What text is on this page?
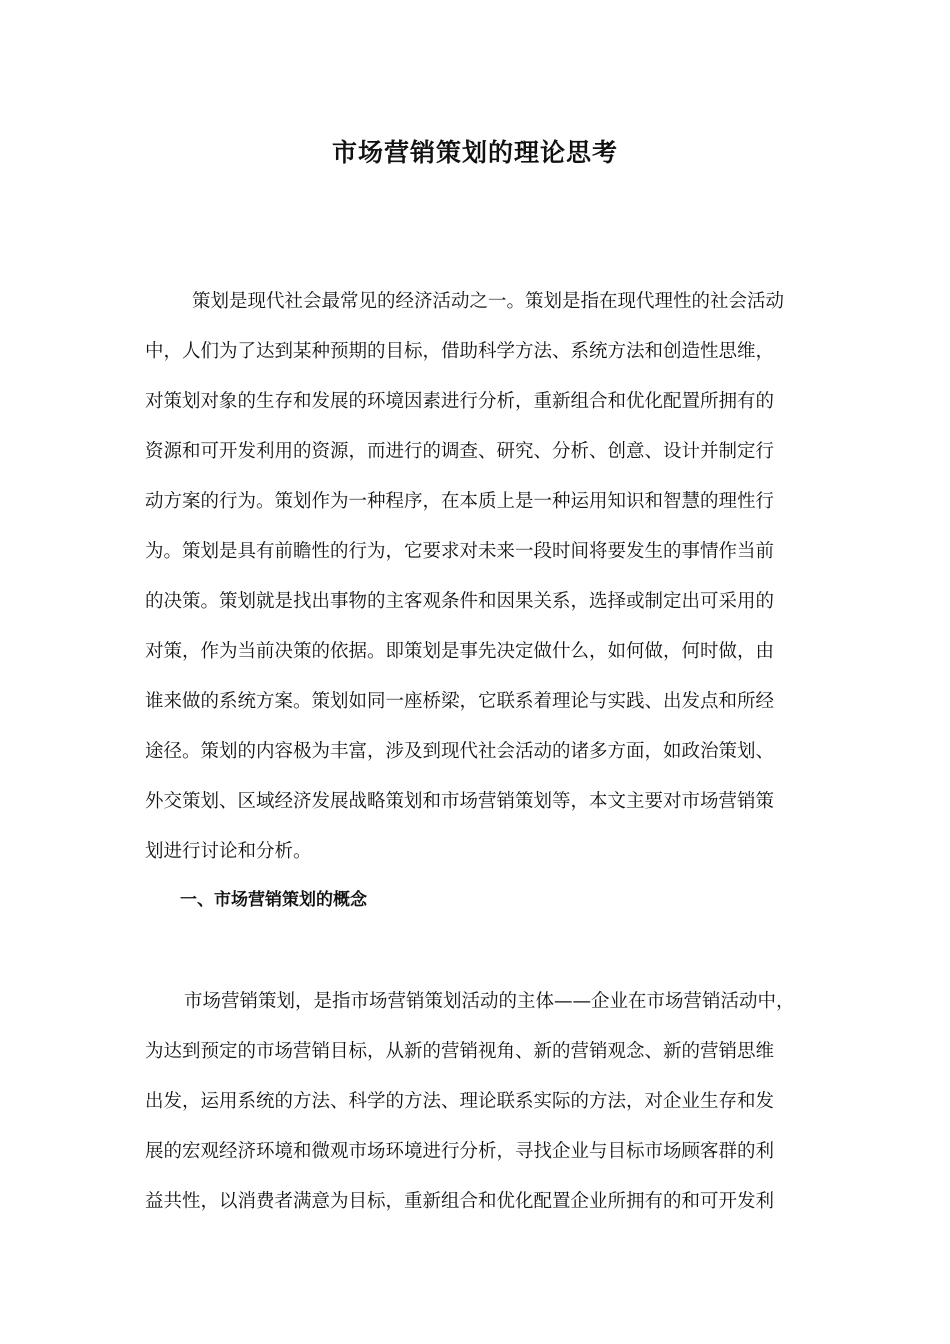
市场营销策划的理论思考

策划是现代社会最常见的经济活动之一。策划是指在现代理性的社会活动

中，人们为了达到某种预期的目标，借助科学方法、系统方法和创造性思维，

对策划对象的生存和发展的环境因素进行分析，重新组合和优化配置所拥有的

资源和可开发利用的资源，而进行的调查、研究、分析、创意、设计并制定行

动方案的行为。策划作为一种程序，在本质上是一种运用知识和智慧的理性行

为。策划是具有前瞻性的行为，它要求对未来一段时间将要发生的事情作当前

的决策。策划就是找出事物的主客观条件和因果关系，选择或制定出可采用的

对策，作为当前决策的依据。即策划是事先决定做什么，如何做，何时做，由

谁来做的系统方案。策划如同一座桥梁，它联系着理论与实践、出发点和所经

途径。策划的内容极为丰富，涉及到现代社会活动的诸多方面，如政治策划、

外交策划、区域经济发展战略策划和市场营销策划等，本文主要对市场营销策

划进行讨论和分析。

一、市场营销策划的概念

市场营销策划，是指市场营销策划活动的主体——企业在市场营销活动中，

为达到预定的市场营销目标，从新的营销视角、新的营销观念、新的营销思维

出发，运用系统的方法、科学的方法、理论联系实际的方法，对企业生存和发

展的宏观经济环境和微观市场环境进行分析，寻找企业与目标市场顾客群的利

益共性，以消费者满意为目标，重新组合和优化配置企业所拥有的和可开发利
